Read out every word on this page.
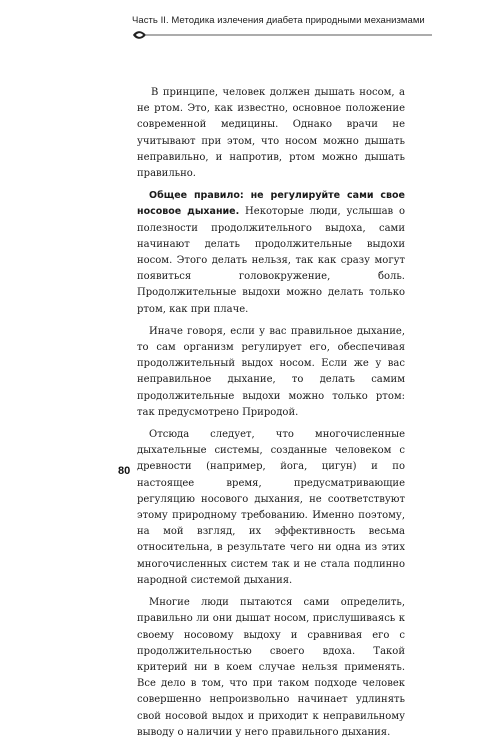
Часть II. Методика излечения диабета природными механизмами

В принципе, человек должен дышать носом, а не ртом. Это, как известно, основное положение современной медицины. Однако врачи не учитывают при этом, что носом можно дышать неправильно, и напротив, ртом можно дышать правильно.

Общее правило: не регулируйте сами свое носовое дыхание. Некоторые люди, услышав о полезности продолжительного выдоха, сами начинают делать продолжительные выдохи носом. Этого делать нельзя, так как сразу могут появиться головокружение, боль. Продолжительные выдохи можно делать только ртом, как при плаче.

Иначе говоря, если у вас правильное дыхание, то сам организм регулирует его, обеспечивая продолжительный выдох носом. Если же у вас неправильное дыхание, то делать самим продолжительные выдохи можно только ртом: так предусмотрено Природой.

Отсюда следует, что многочисленные дыхательные системы, созданные человеком с древности (например, йога, цигун) и по настоящее время, предусматривающие регуляцию носового дыхания, не соответствуют этому природному требованию. Именно поэтому, на мой взгляд, их эффективность весьма относительна, в результате чего ни одна из этих многочисленных систем так и не стала подлинно народной системой дыхания.

Многие люди пытаются сами определить, правильно ли они дышат носом, прислушиваясь к своему носовому выдоху и сравнивая его с продолжительностью своего вдоха. Такой критерий ни в коем случае нельзя применять. Все дело в том, что при таком подходе человек совершенно непроизвольно начинает удлинять свой носовой выдох и приходит к неправильному выводу о наличии у него правильного дыхания.

80
